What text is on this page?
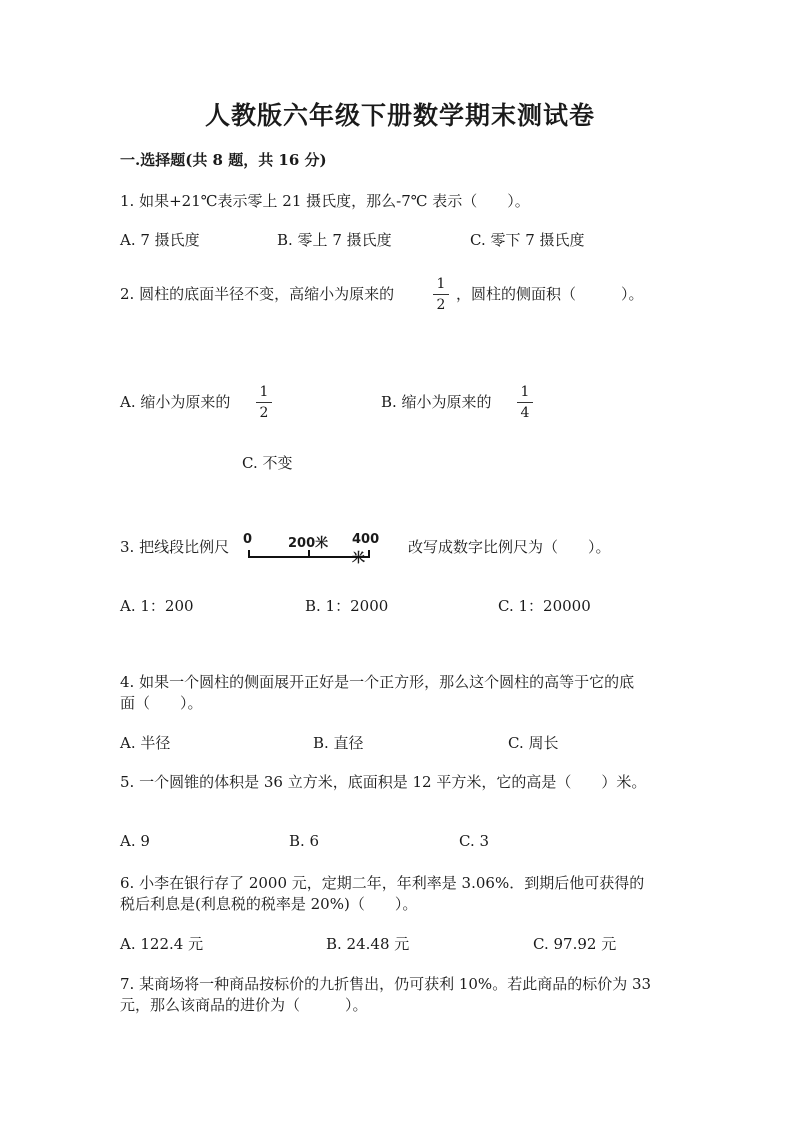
人教版六年级下册数学期末测试卷
一.选择题(共 8 题，共 16 分)
1. 如果+21℃表示零上 21 摄氏度，那么-7℃ 表示（　　）。
A. 7 摄氏度	B. 零上 7 摄氏度	C. 零下 7 摄氏度
2. 圆柱的底面半径不变，高缩小为原来的
1
2
，圆柱的侧面积（　　　）。
A. 缩小为原来的
1
2
B. 缩小为原来的
1
4
C. 不变
3. 把线段比例尺 0	200米 400米
改写成数字比例尺为（　　）。
A. 1：200	B. 1：2000	C. 1：20000
4. 如果一个圆柱的侧面展开正好是一个正方形，那么这个圆柱的高等于它的底
面（　　）。
A. 半径	B. 直径	C. 周长
5. 一个圆锥的体积是 36 立方米，底面积是 12 平方米，它的高是（　　）米。
A. 9	B. 6	C. 3
6. 小李在银行存了 2000 元，定期二年，年利率是 3.06%．到期后他可获得的
税后利息是(利息税的税率是 20%)（　　）。
A. 122.4 元	B. 24.48 元	C. 97.92 元
7. 某商场将一种商品按标价的九折售出，仍可获利 10%。若此商品的标价为 33
元，那么该商品的进价为（　　　）。
